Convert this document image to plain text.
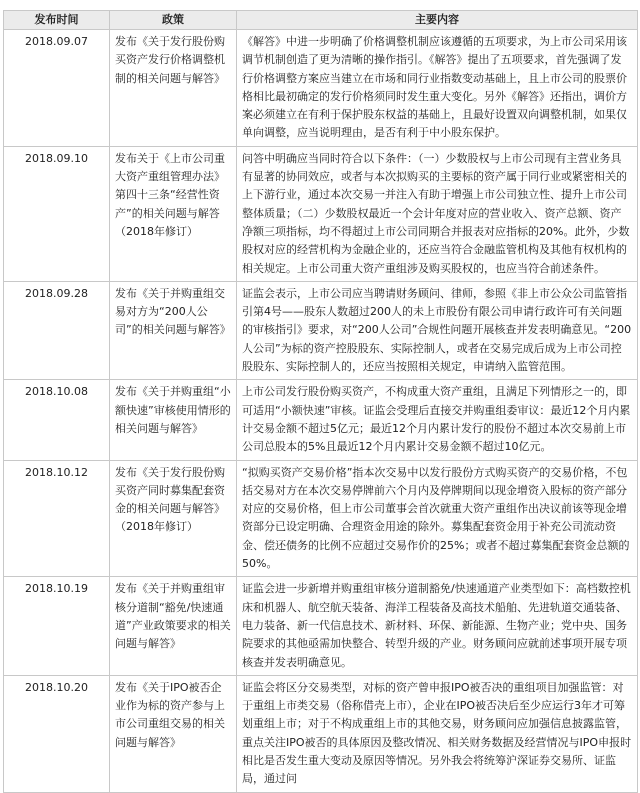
发布时间	政策	主要内容
2018.09.07	发布《关于发行股份购买资产发行价格调整机制的相关问题与解答》	《解答》中进一步明确了价格调整机制应该遵循的五项要求，为上市公司采用该调节机制创造了更为清晰的操作指引。《解答》提出了五项要求，首先强调了发行价格调整方案应当建立在市场和同行业指数变动基础上，且上市公司的股票价格相比最初确定的发行价格须同时发生重大变化。另外《解答》还指出，调价方案必须建立在有利于保护股东权益的基础上，且最好设置双向调整机制，如果仅单向调整，应当说明理由，是否有利于中小股东保护。
2018.09.10	发布关于《上市公司重大资产重组管理办法》第四十三条“经营性资产”的相关问题与解答（2018年修订）	问答中明确应当同时符合以下条件：（一）少数股权与上市公司现有主营业务具有显著的协同效应，或者与本次拟购买的主要标的资产属于同行业或紧密相关的上下游行业，通过本次交易一并注入有助于增强上市公司独立性、提升上市公司整体质量；（二）少数股权最近一个会计年度对应的营业收入、资产总额、资产净额三项指标，均不得超过上市公司同期合并报表对应指标的20%。此外，少数股权对应的经营机构为金融企业的，还应当符合金融监管机构及其他有权机构的相关规定。上市公司重大资产重组涉及购买股权的，也应当符合前述条件。
2018.09.28	发布《关于并购重组交易对方为“200人公司”的相关问题与解答》	证监会表示，上市公司应当聘请财务顾问、律师，参照《非上市公众公司监管指引第4号——股东人数超过200人的未上市股份有限公司申请行政许可有关问题的审核指引》要求，对“200人公司”合规性问题开展核查并发表明确意见。“200人公司”为标的资产控股股东、实际控制人，或者在交易完成后成为上市公司控股股东、实际控制人的，还应当按照相关规定，申请纳入监管范围。
2018.10.08	发布《关于并购重组“小额快速”审核使用情形的相关问题与解答》	上市公司发行股份购买资产，不构成重大资产重组，且满足下列情形之一的，即可适用“小额快速”审核。证监会受理后直接交并购重组委审议：最近12个月内累计交易金额不超过5亿元；最近12个月内累计发行的股份不超过本次交易前上市公司总股本的5%且最近12个月内累计交易金额不超过10亿元。
2018.10.12	发布《关于发行股份购买资产同时募集配套资金的相关问题与解答》（2018年修订）	“拟购买资产交易价格”指本次交易中以发行股份方式购买资产的交易价格，不包括交易对方在本次交易停牌前六个月内及停牌期间以现金增资入股标的资产部分对应的交易价格，但上市公司董事会首次就重大资产重组作出决议前该等现金增资部分已设定明确、合理资金用途的除外。募集配套资金用于补充公司流动资金、偿还债务的比例不应超过交易作价的25%；或者不超过募集配套资金总额的50%。
2018.10.19	发布《关于并购重组审核分道制“豁免/快速通道”产业政策要求的相关问题与解答》	证监会进一步新增并购重组审核分道制豁免/快速通道产业类型如下：高档数控机床和机器人、航空航天装备、海洋工程装备及高技术船舶、先进轨道交通装备、电力装备、新一代信息技术、新材料、环保、新能源、生物产业；党中央、国务院要求的其他亟需加快整合、转型升级的产业。财务顾问应就前述事项开展专项核查并发表明确意见。
2018.10.20	发布《关于IPO被否企业作为标的资产参与上市公司重组交易的相关问题与解答》	证监会将区分交易类型，对标的资产曾申报IPO被否决的重组项目加强监管：对于重组上市类交易（俗称借壳上市），企业在IPO被否决后至少应运行3年才可筹划重组上市；对于不构成重组上市的其他交易，财务顾问应加强信息披露监管，重点关注IPO被否的具体原因及整改情况、相关财务数据及经营情况与IPO申报时相比是否发生重大变动及原因等情况。另外我会将统筹沪深证券交易所、证监局，通过问
